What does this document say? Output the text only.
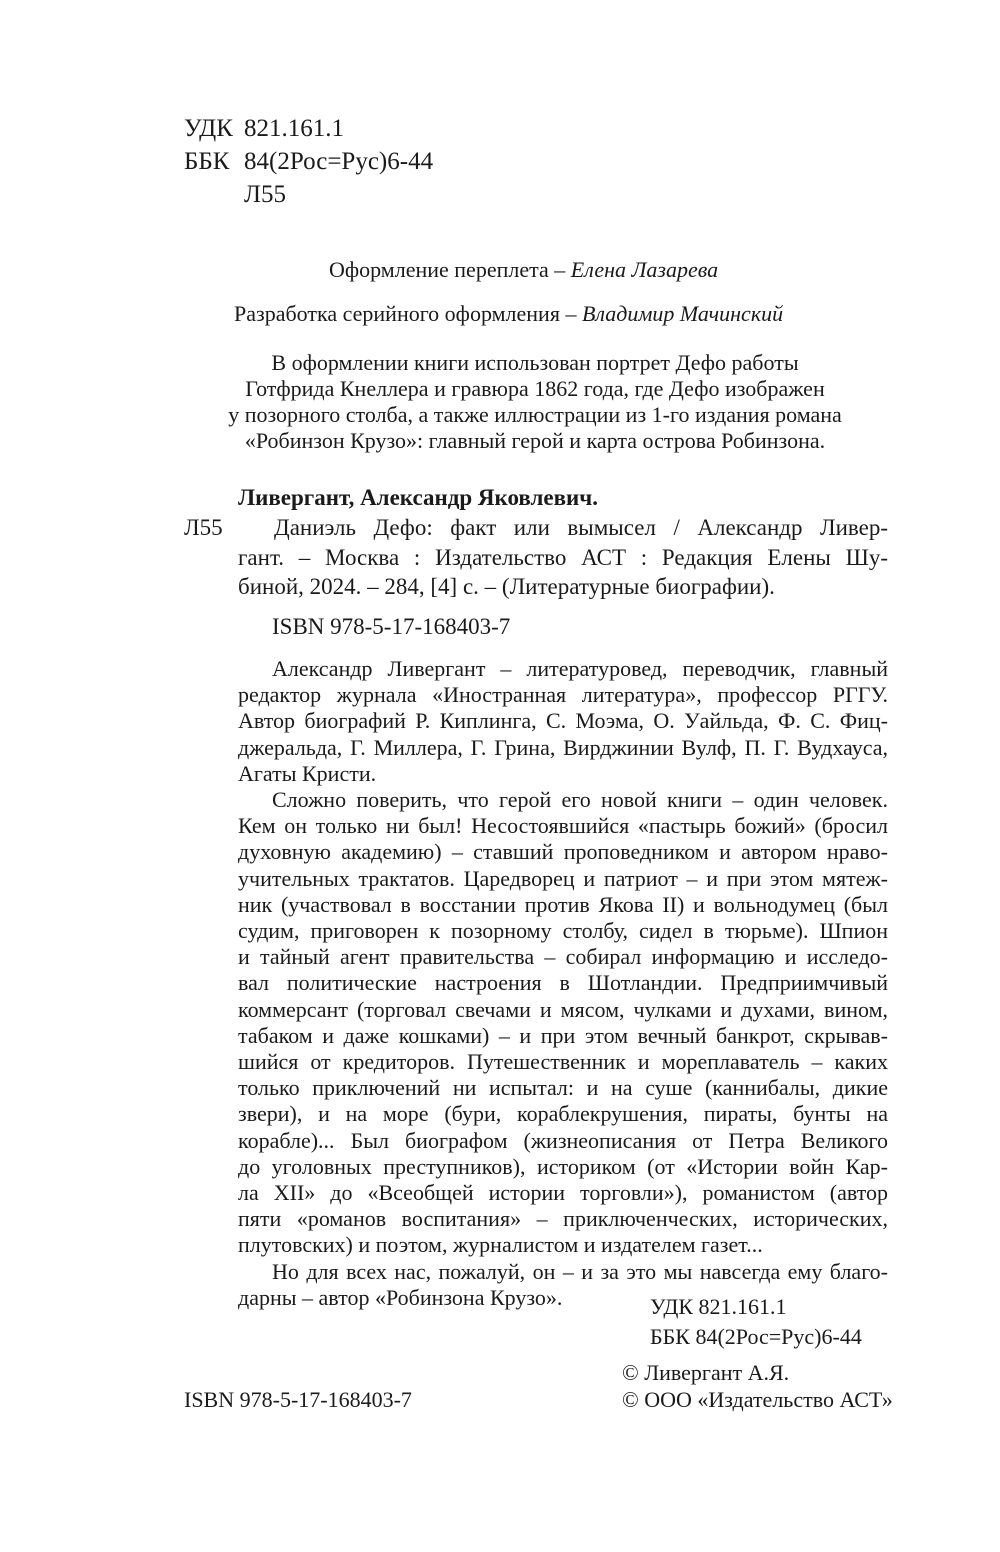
УДК 821.161.1
ББК 84(2Рос=Рус)6-44
Л55
Оформление переплета – Елена Лазарева
Разработка серийного оформления – Владимир Мачинский
В оформлении книги использован портрет Дефо работы
Готфрида Кнеллера и гравюра 1862 года, где Дефо изображен
у позорного столба, а также иллюстрации из 1-го издания романа
«Робинзон Крузо»: главный герой и карта острова Робинзона.
Ливергант, Александр Яковлевич.
Л55	Даниэль Дефо: факт или вымысел / Александр Ливер-
гант. – Москва : Издательство АСТ : Редакция Елены Шу-
биной, 2024. – 284, [4] с. – (Литературные биографии).
ISBN 978-5-17-168403-7
Александр Ливергант – литературовед, переводчик, главный
редактор журнала «Иностранная литература», профессор РГГУ.
Автор биографий Р. Киплинга, С. Моэма, О. Уайльда, Ф. С. Фиц-
джеральда, Г. Миллера, Г. Грина, Вирджинии Вулф, П. Г. Вудхауса,
Агаты Кристи.
Сложно поверить, что герой его новой книги – один человек.
Кем он только ни был! Несостоявшийся «пастырь божий» (бросил
духовную академию) – ставший проповедником и автором нраво-
учительных трактатов. Царедворец и патриот – и при этом мятеж-
ник (участвовал в восстании против Якова II) и вольнодумец (был
судим, приговорен к позорному столбу, сидел в тюрьме). Шпион
и тайный агент правительства – собирал информацию и исследо-
вал политические настроения в Шотландии. Предприимчивый
коммерсант (торговал свечами и мясом, чулками и духами, вином,
табаком и даже кошками) – и при этом вечный банкрот, скрывав-
шийся от кредиторов. Путешественник и мореплаватель – каких
только приключений ни испытал: и на суше (каннибалы, дикие
звери), и на море (бури, кораблекрушения, пираты, бунты на
корабле)... Был биографом (жизнеописания от Петра Великого
до уголовных преступников), историком (от «Истории войн Кар-
ла XII» до «Всеобщей истории торговли»), романистом (автор
пяти «романов воспитания» – приключенческих, исторических,
плутовских) и поэтом, журналистом и издателем газет...
Но для всех нас, пожалуй, он – и за это мы навсегда ему благо-
дарны – автор «Робинзона Крузо».	УДК 821.161.1
ББК 84(2Рос=Рус)6-44
© Ливергант А.Я.
ISBN 978-5-17-168403-7	© ООО «Издательство АСТ»
